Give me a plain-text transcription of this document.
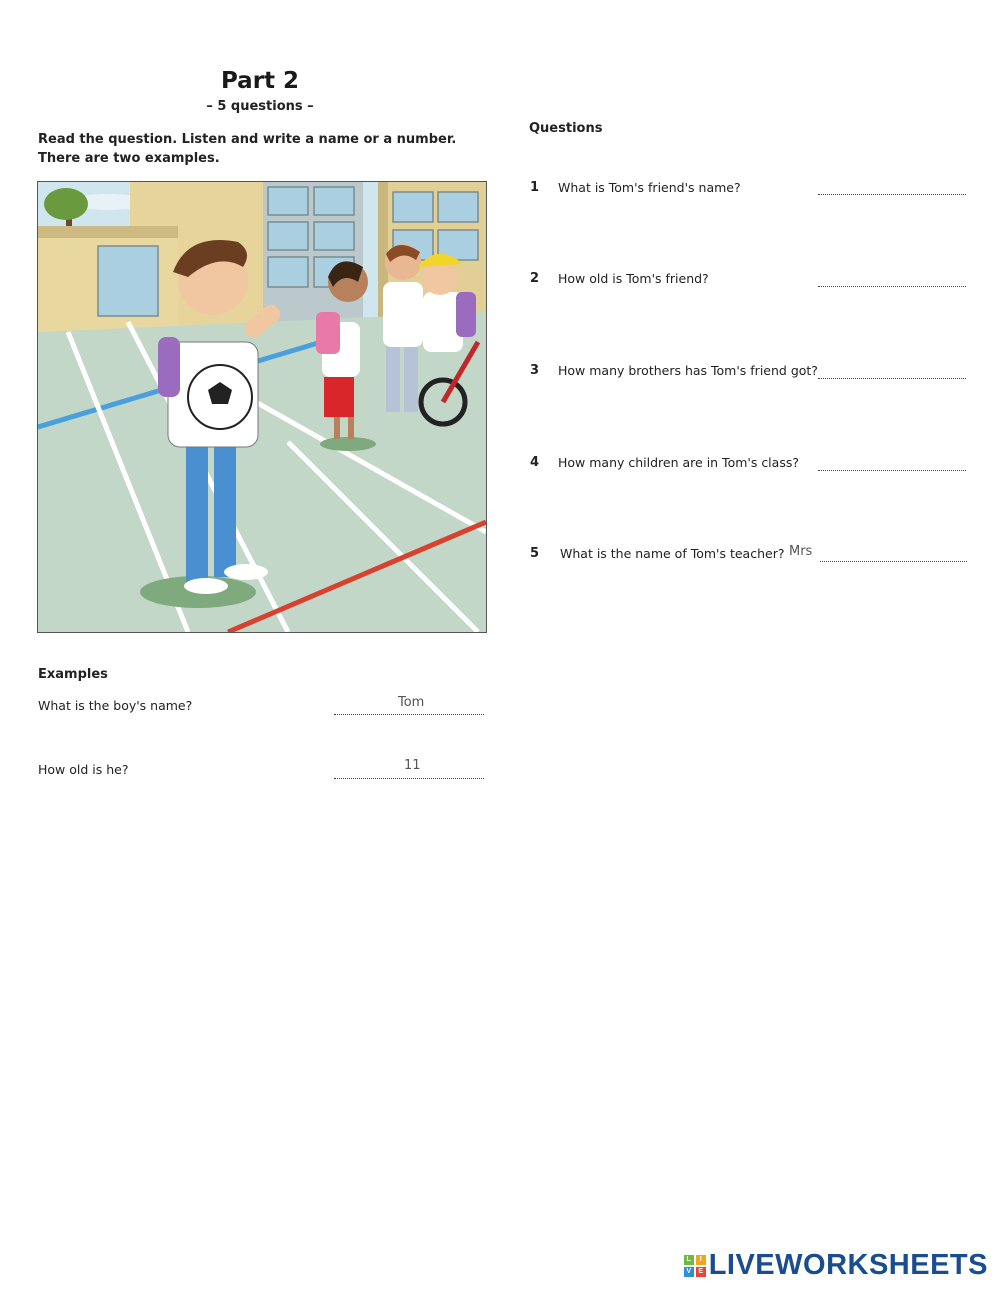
Part 2
– 5 questions –
Read the question. Listen and write a name or a number.
There are two examples.
Examples
What is the boy's name?	Tom
How old is he?	11
Questions
1 What is Tom's friend's name?
2 How old is Tom's friend?
3 How many brothers has Tom's friend got?
4 How many children are in Tom's class?
5 What is the name of Tom's teacher? Mrs
L	I
V	E LIVEWORKSHEETS
